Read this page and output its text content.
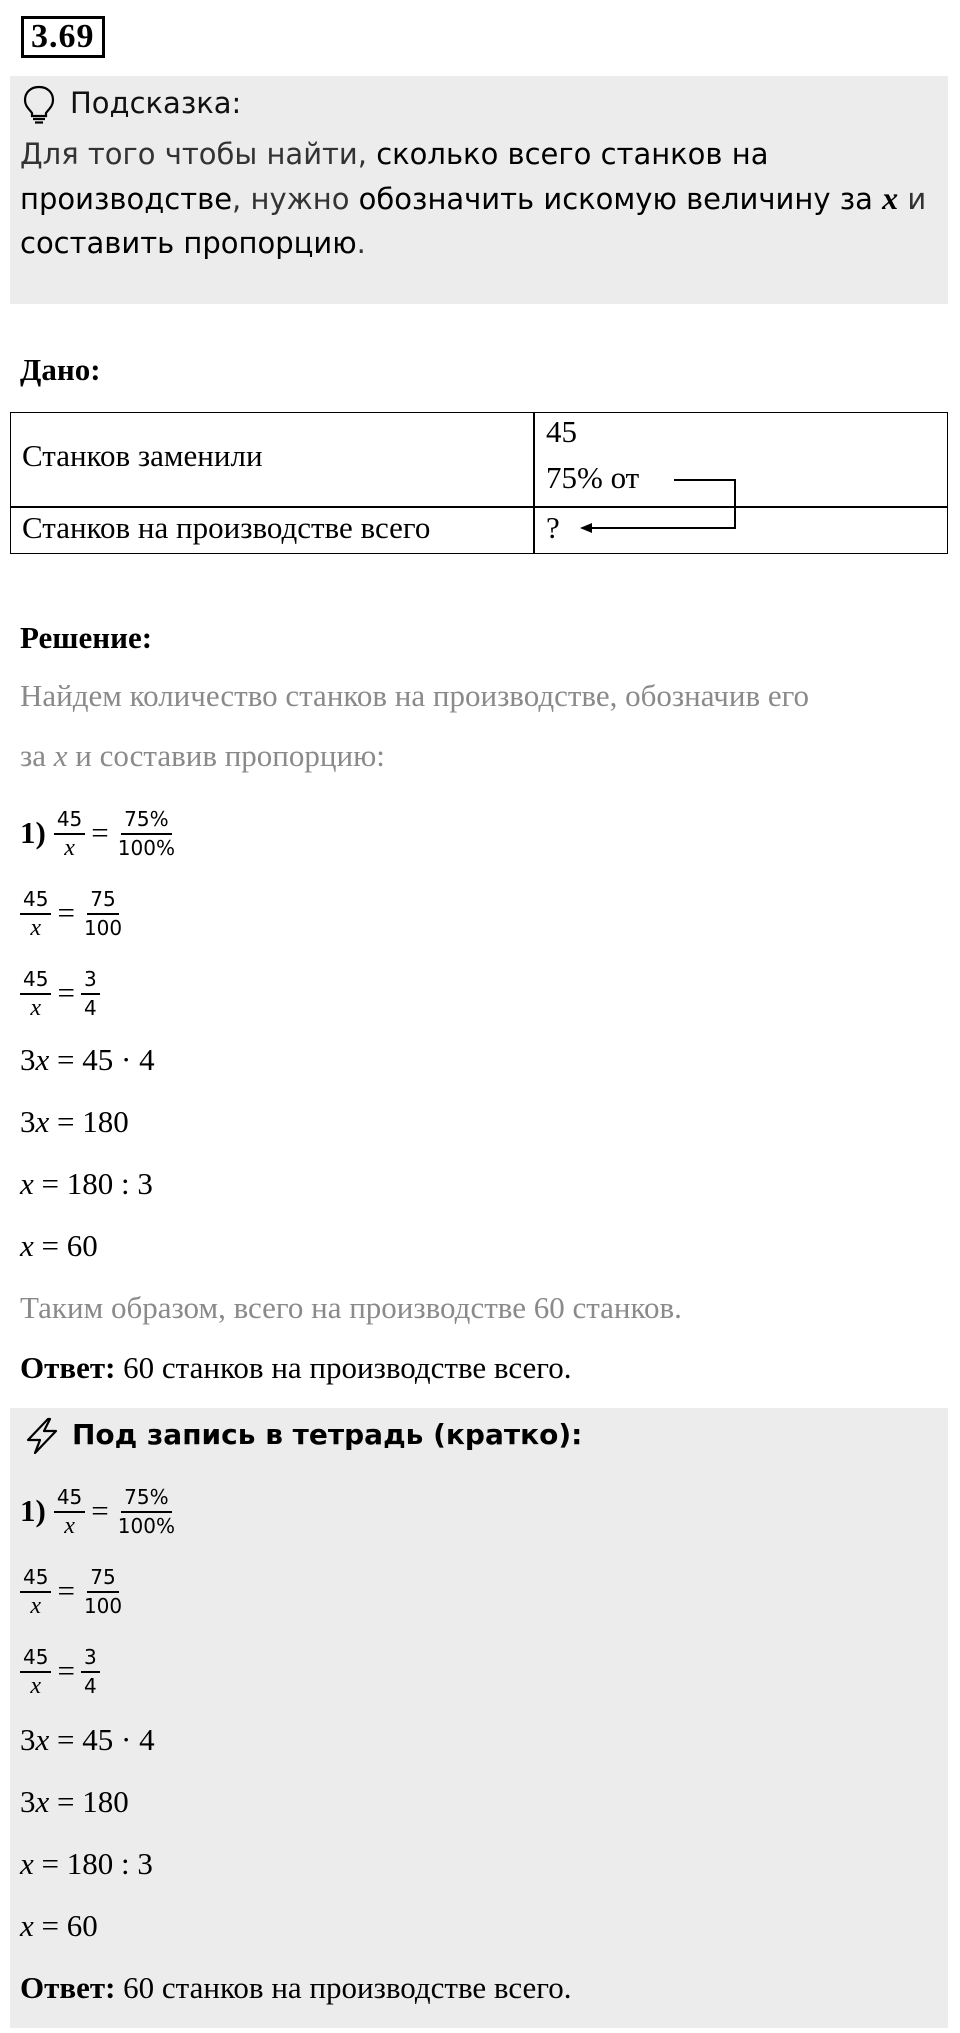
3.69
Подсказка:
Для того чтобы найти, сколько всего станков на производстве, нужно обозначить искомую величину за x и составить пропорцию.
Дано:
Станков заменили
45
75% от
Станков на производстве всего	?
Решение:
Найдем количество станков на производстве, обозначив его
за x и составив пропорцию:
$1) \frac{45}{x} = \frac{75\%}{100\%}$
$\frac{45}{x} = \frac{75}{100}$
$\frac{45}{x} = \frac{3}{4}$
3x = 45 · 4
3x = 180
x = 180 : 3
x = 60
Таким образом, всего на производстве 60 станков.
Ответ: 60 станков на производстве всего.
Под запись в тетрадь (кратко):
$1) \frac{45}{x} = \frac{75\%}{100\%}$
$\frac{45}{x} = \frac{75}{100}$
$\frac{45}{x} = \frac{3}{4}$
3x = 45 · 4
3x = 180
x = 180 : 3
x = 60
Ответ: 60 станков на производстве всего.
